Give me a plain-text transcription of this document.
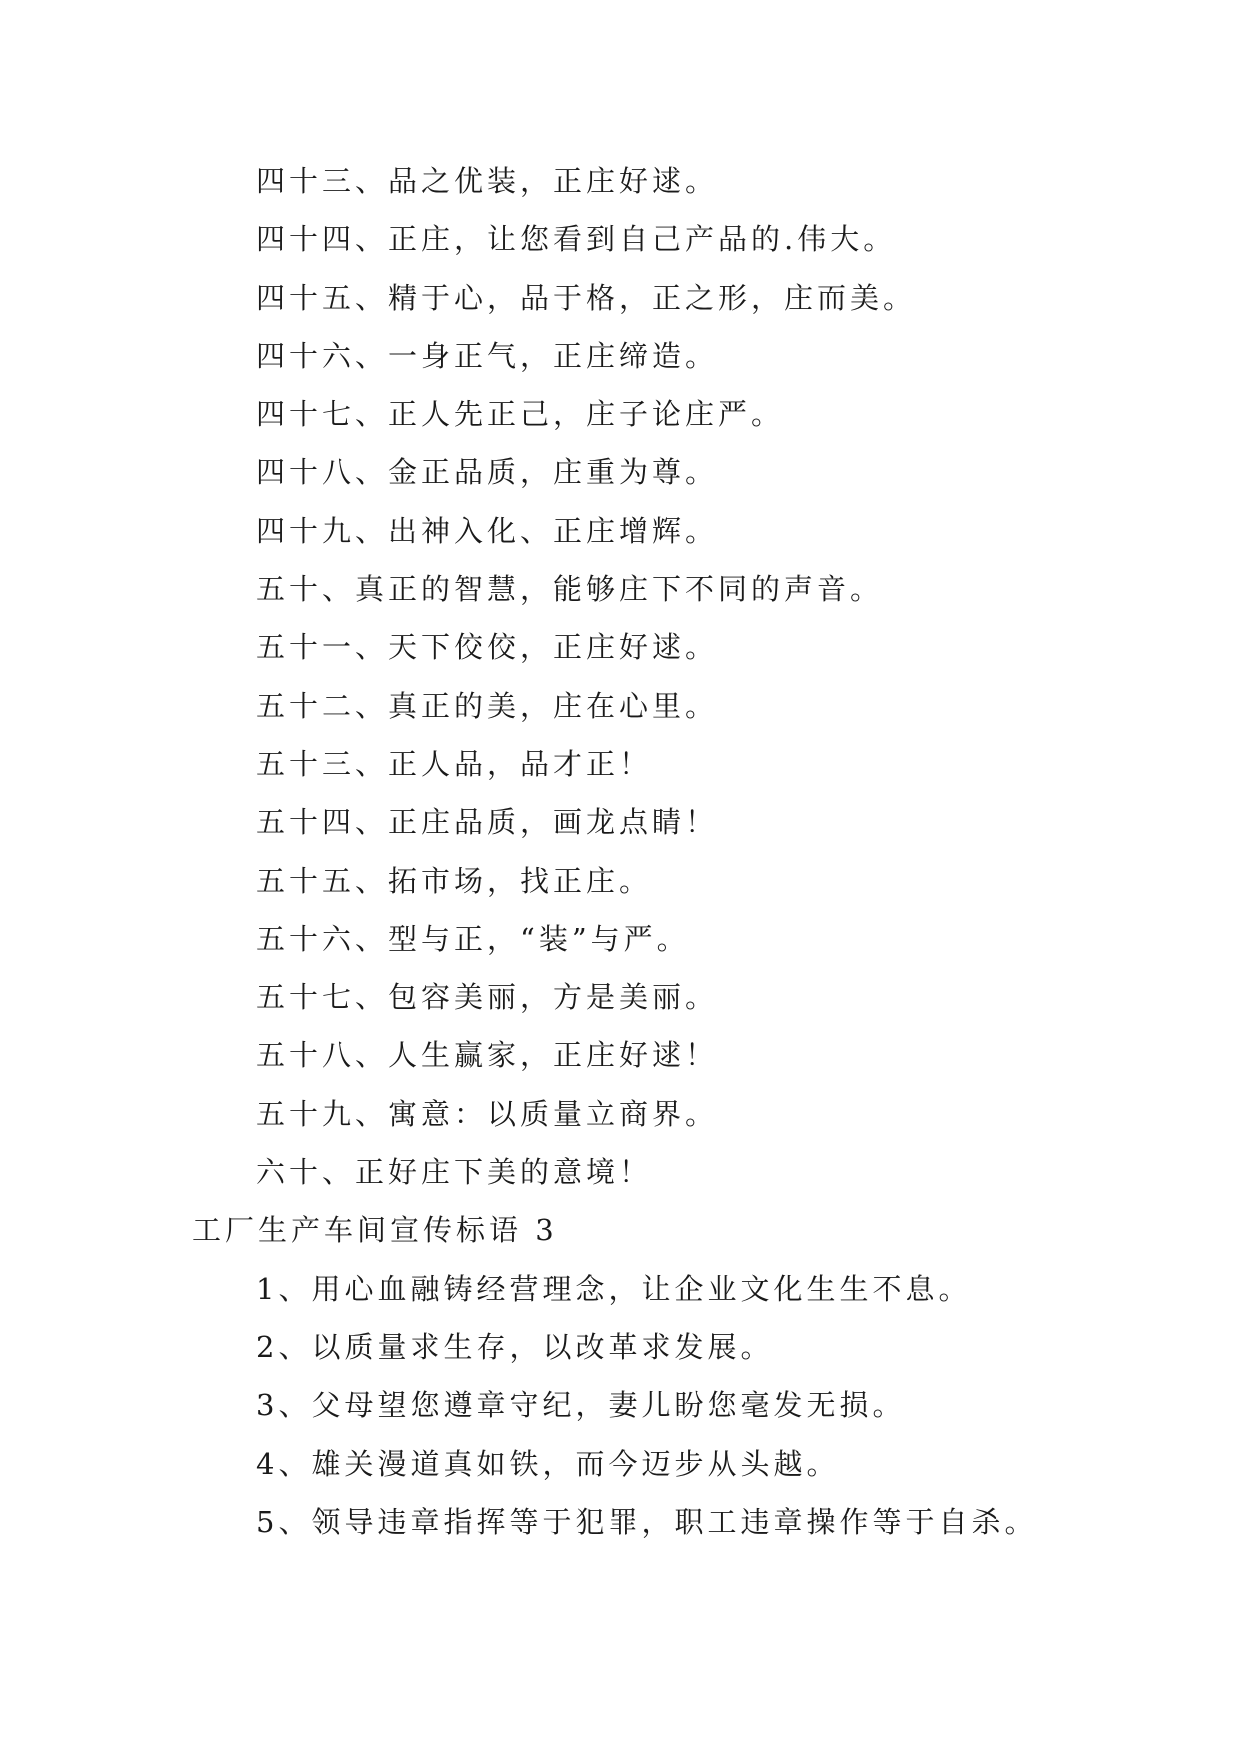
四十三、品之优装，正庄好逑。
四十四、正庄，让您看到自己产品的.伟大。
四十五、精于心，品于格，正之形，庄而美。
四十六、一身正气，正庄缔造。
四十七、正人先正己，庄子论庄严。
四十八、金正品质，庄重为尊。
四十九、出神入化、正庄增辉。
五十、真正的智慧，能够庄下不同的声音。
五十一、天下佼佼，正庄好逑。
五十二、真正的美，庄在心里。
五十三、正人品，品才正！
五十四、正庄品质，画龙点睛！
五十五、拓市场，找正庄。
五十六、型与正，“装”与严。
五十七、包容美丽，方是美丽。
五十八、人生赢家，正庄好逑！
五十九、寓意：以质量立商界。
六十、正好庄下美的意境！
工厂生产车间宣传标语 3
1、用心血融铸经营理念，让企业文化生生不息。
2、以质量求生存，以改革求发展。
3、父母望您遵章守纪，妻儿盼您毫发无损。
4、雄关漫道真如铁，而今迈步从头越。
5、领导违章指挥等于犯罪，职工违章操作等于自杀。
